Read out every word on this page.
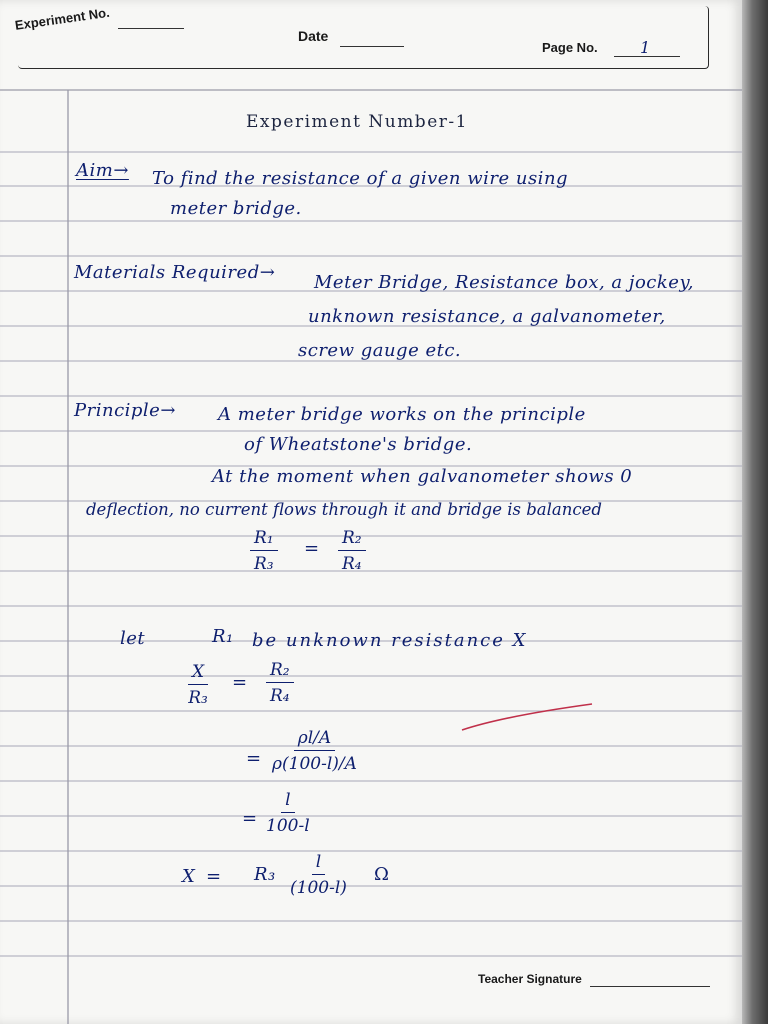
Experiment No.
Date
Page No.	1
Experiment Number-1
Aim→ To find the resistance of a given wire using
meter bridge.
Materials Required→ Meter Bridge, Resistance box, a jockey,
unknown resistance, a galvanometer,
screw gauge etc.
Principle→ A meter bridge works on the principle
of Wheatstone's bridge.
At the moment when galvanometer shows 0
deflection, no current flows through it and bridge is balanced
$\frac{\text{R₁}}{\text{R₃}} = \frac{\text{R₂}}{\text{R₄}}$
let	R₁ be unknown resistance X
$\frac{X}{\text{R₃}} = \frac{\text{R₂}}{\text{R₄}}$
= $\frac{\rho l/A}{\rho(100-l)/A}$
= $\frac{l}{100-l}$
$X = R_3 \frac{l}{(100-l)}$ Ω
Teacher Signature
